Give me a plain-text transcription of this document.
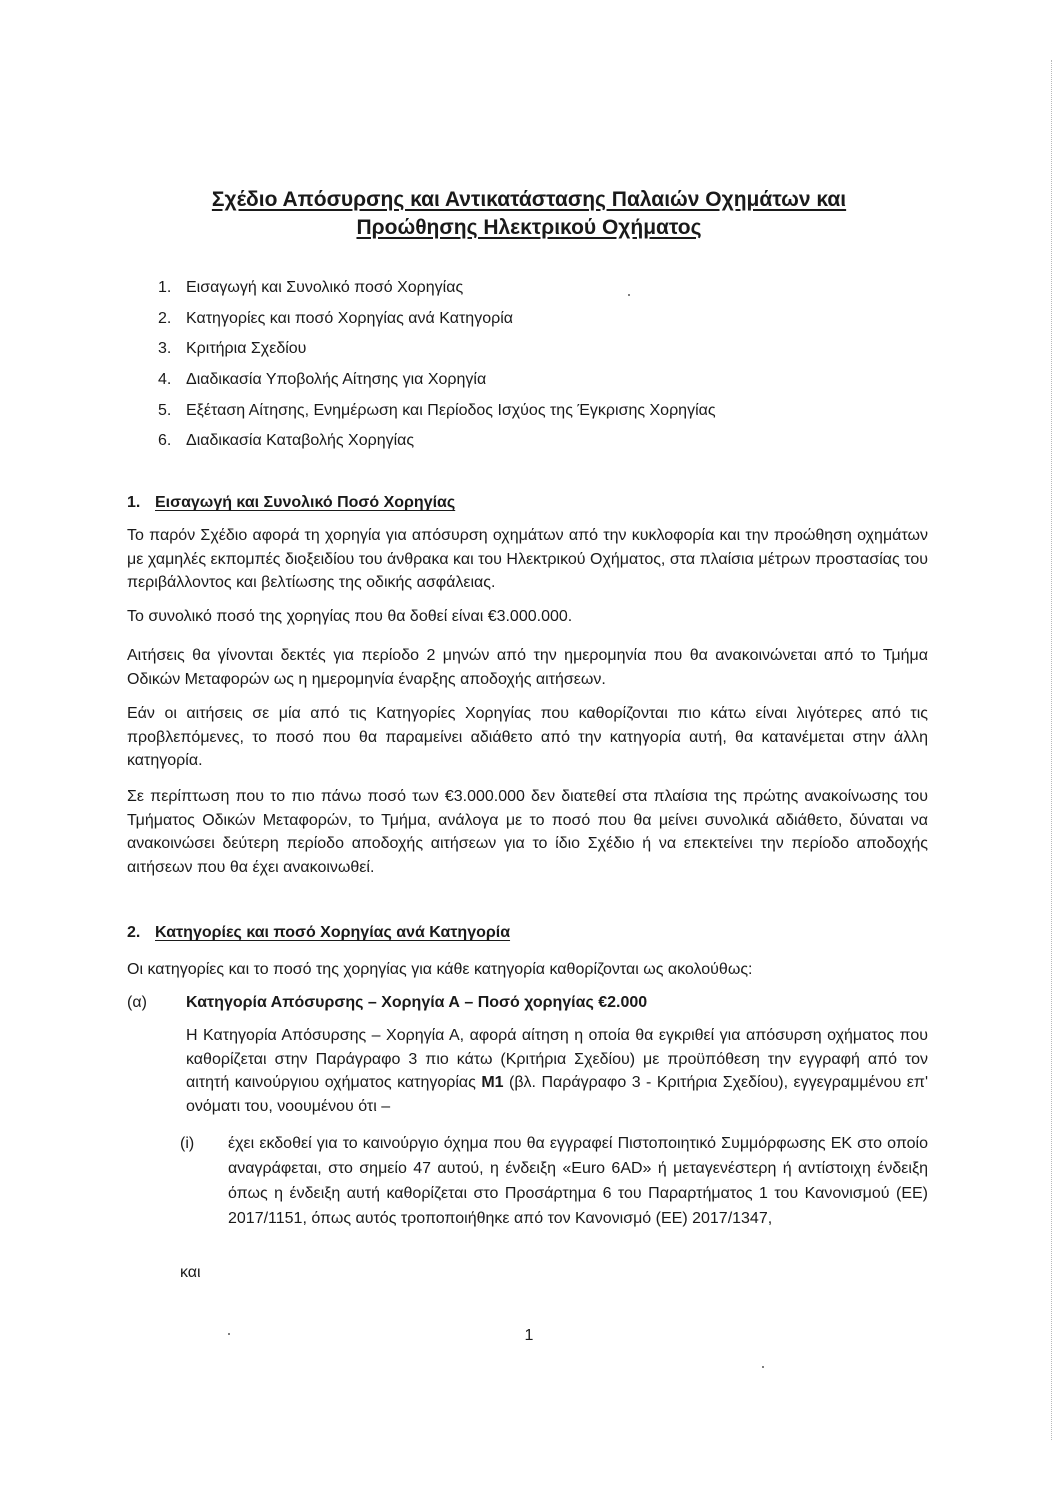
Σχέδιο Απόσυρσης και Αντικατάστασης Παλαιών Οχημάτων και
Προώθησης Ηλεκτρικού Οχήματος
1. Εισαγωγή και Συνολικό ποσό Χορηγίας
2. Κατηγορίες και ποσό Χορηγίας ανά Κατηγορία
3. Κριτήρια Σχεδίου
4. Διαδικασία Υποβολής Αίτησης για Χορηγία
5. Εξέταση Αίτησης, Ενημέρωση και Περίοδος Ισχύος της Έγκρισης Χορηγίας
6. Διαδικασία Καταβολής Χορηγίας
1. Εισαγωγή και Συνολικό Ποσό Χορηγίας

Το παρόν Σχέδιο αφορά τη χορηγία για απόσυρση οχημάτων από την κυκλοφορία και την προώθηση οχημάτων με χαμηλές εκπομπές διοξειδίου του άνθρακα και του Ηλεκτρικού Οχήματος, στα πλαίσια μέτρων προστασίας του περιβάλλοντος και βελτίωσης της οδικής ασφάλειας.

Το συνολικό ποσό της χορηγίας που θα δοθεί είναι €3.000.000.

Αιτήσεις θα γίνονται δεκτές για περίοδο 2 μηνών από την ημερομηνία που θα ανακοινώνεται από το Τμήμα Οδικών Μεταφορών ως η ημερομηνία έναρξης αποδοχής αιτήσεων.

Εάν οι αιτήσεις σε μία από τις Κατηγορίες Χορηγίας που καθορίζονται πιο κάτω είναι λιγότερες από τις προβλεπόμενες, το ποσό που θα παραμείνει αδιάθετο από την κατηγορία αυτή, θα κατανέμεται στην άλλη κατηγορία.

Σε περίπτωση που το πιο πάνω ποσό των €3.000.000 δεν διατεθεί στα πλαίσια της πρώτης ανακοίνωσης του Τμήματος Οδικών Μεταφορών, το Τμήμα, ανάλογα με το ποσό που θα μείνει συνολικά αδιάθετο, δύναται να ανακοινώσει δεύτερη περίοδο αποδοχής αιτήσεων για το ίδιο Σχέδιο ή να επεκτείνει την περίοδο αποδοχής αιτήσεων που θα έχει ανακοινωθεί.

2. Κατηγορίες και ποσό Χορηγίας ανά Κατηγορία

Οι κατηγορίες και το ποσό της χορηγίας για κάθε κατηγορία καθορίζονται ως ακολούθως:

(α) Κατηγορία Απόσυρσης – Χορηγία Α – Ποσό χορηγίας €2.000

Η Κατηγορία Απόσυρσης – Χορηγία Α, αφορά αίτηση η οποία θα εγκριθεί για απόσυρση οχήματος που καθορίζεται στην Παράγραφο 3 πιο κάτω (Κριτήρια Σχεδίου) με προϋπόθεση την εγγραφή από τον αιτητή καινούργιου οχήματος κατηγορίας M1 (βλ. Παράγραφο 3 - Κριτήρια Σχεδίου), εγγεγραμμένου επ' ονόματι του, νοουμένου ότι –

(i) έχει εκδοθεί για το καινούργιο όχημα που θα εγγραφεί Πιστοποιητικό Συμμόρφωσης ΕΚ στο οποίο αναγράφεται, στο σημείο 47 αυτού, η ένδειξη «Euro 6AD» ή μεταγενέστερη ή αντίστοιχη ένδειξη όπως η ένδειξη αυτή καθορίζεται στο Προσάρτημα 6 του Παραρτήματος 1 του Κανονισμού (ΕΕ) 2017/1151, όπως αυτός τροποποιήθηκε από τον Κανονισμό (ΕΕ) 2017/1347,
και
1
